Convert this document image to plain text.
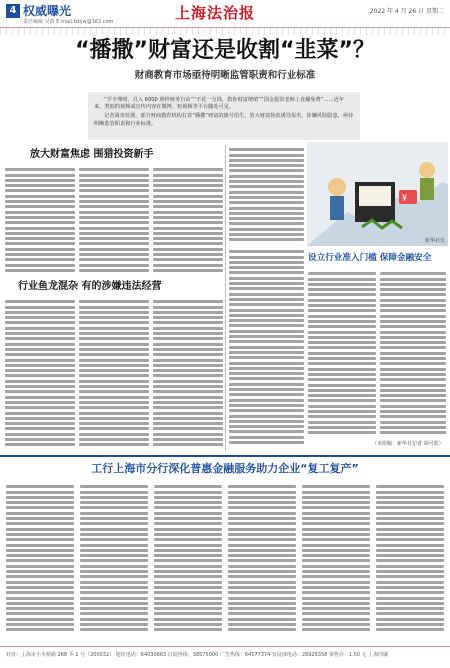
4 权威曝光
责任编辑 吴蒨 E-mail:fzbjw@163.com	上海法治报	2022 年 4 月 26 日 星期二
“播撒”财富还是收割“韭菜”？
财商教育市场亟待明晰监管职责和行业标准

“学全理财，月入 6000 照样财务自由”“不花一分钱，教你财富增值”“国金投资老师上直播免费”……近年来，类似的视频或宣传内容在微博、短视频等平台随处可见。

记者调查发现，部分财商教育机构打着“播撒”财富的旗号招生，放大财富焦虑诱导报名，涉嫌风险隐患，亟待明晰监管职责和行业标准。

放大财富焦虑 围猎投资新手
行业鱼龙混杂 有的涉嫌违法经营
￥
新华社发
设立行业准入门槛 保障金融安全
（本组稿：新华社记者 胡可欣）
工行上海市分行深化普惠金融服务助力企业“复工复产”
社址：上海市小木桥路 268 弄 1 号（200032） 地址电话：64030863 订阅热线：38575000 广告热线：64177374 发展部电话：28925358 零售价：1.50 元 上海印刷
